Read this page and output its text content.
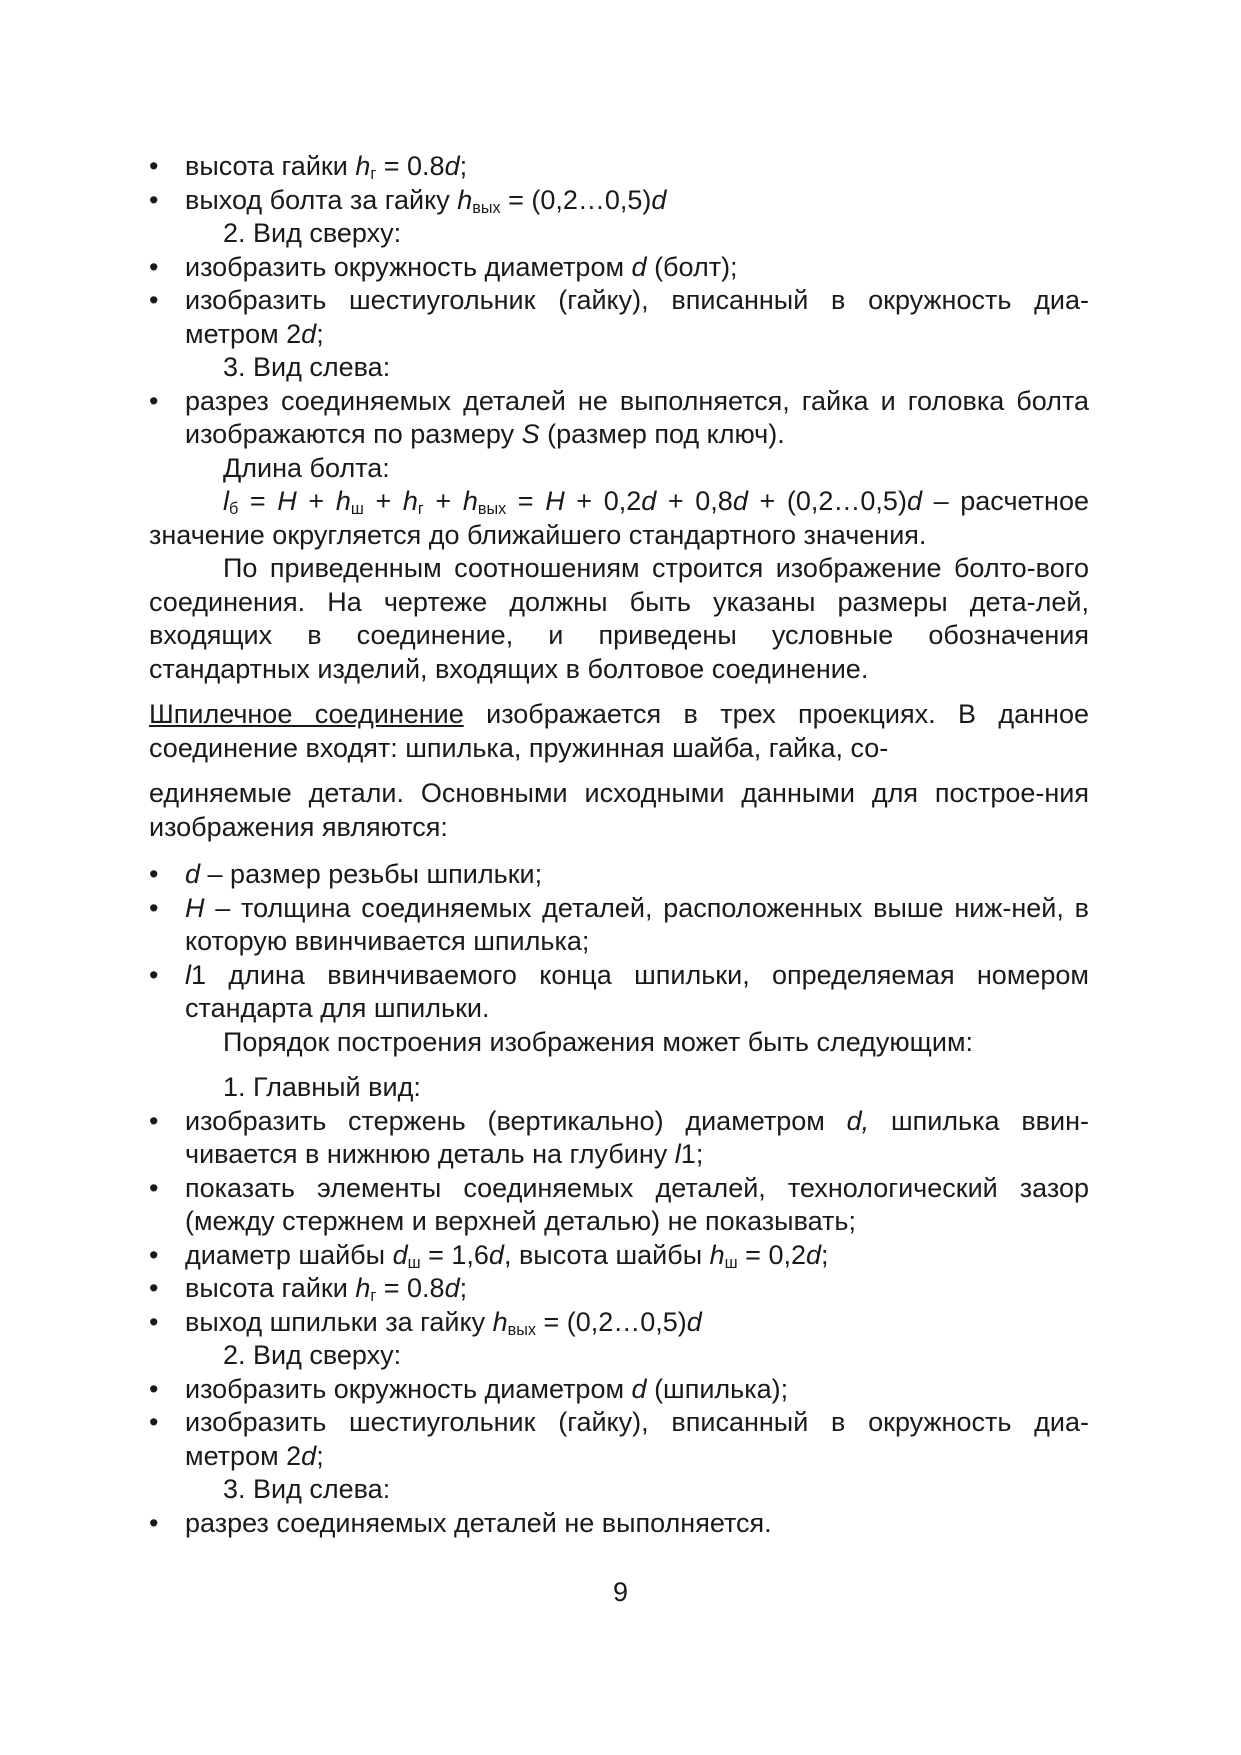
• высота гайки $h_г = 0.8d$;
• выход болта за гайку $h_{вых}$ = (0,2…0,5)d
2. Вид сверху:
• изобразить окружность диаметром d (болт);
• изобразить шестиугольник (гайку), вписанный в окружность диа-метром 2d;
3. Вид слева:
• разрез соединяемых деталей не выполняется, гайка и головка болта изображаются по размеру S (размер под ключ).
Длина болта:
$l_б = H + h_ш + h_г + h_{вых} = H + 0,2d + 0,8d$ + (0,2…0,5)d – расчетное значение округляется до ближайшего стандартного значения.
По приведенным соотношениям строится изображение болто-вого соединения. На чертеже должны быть указаны размеры дета-лей, входящих в соединение, и приведены условные обозначения стандартных изделий, входящих в болтовое соединение.
Шпилечное соединение изображается в трех проекциях. В данное соединение входят: шпилька, пружинная шайба, гайка, со-
единяемые детали. Основными исходными данными для построе-ния изображения являются:
• d – размер резьбы шпильки;
• H – толщина соединяемых деталей, расположенных выше ниж-ней, в которую ввинчивается шпилька;
• l1 длина ввинчиваемого конца шпильки, определяемая номером стандарта для шпильки.
Порядок построения изображения может быть следующим:
1. Главный вид:
• изобразить стержень (вертикально) диаметром d, шпилька ввин-чивается в нижнюю деталь на глубину l1;
• показать элементы соединяемых деталей, технологический зазор (между стержнем и верхней деталью) не показывать;
• диаметр шайбы $d_ш = 1,6d$, высота шайбы $h_ш = 0,2d$;
• высота гайки $h_г = 0.8d$;
• выход шпильки за гайку $h_{вых}$ = (0,2…0,5)d
2. Вид сверху:
• изобразить окружность диаметром d (шпилька);
• изобразить шестиугольник (гайку), вписанный в окружность диа-метром 2d;
3. Вид слева:
• разрез соединяемых деталей не выполняется.
9
